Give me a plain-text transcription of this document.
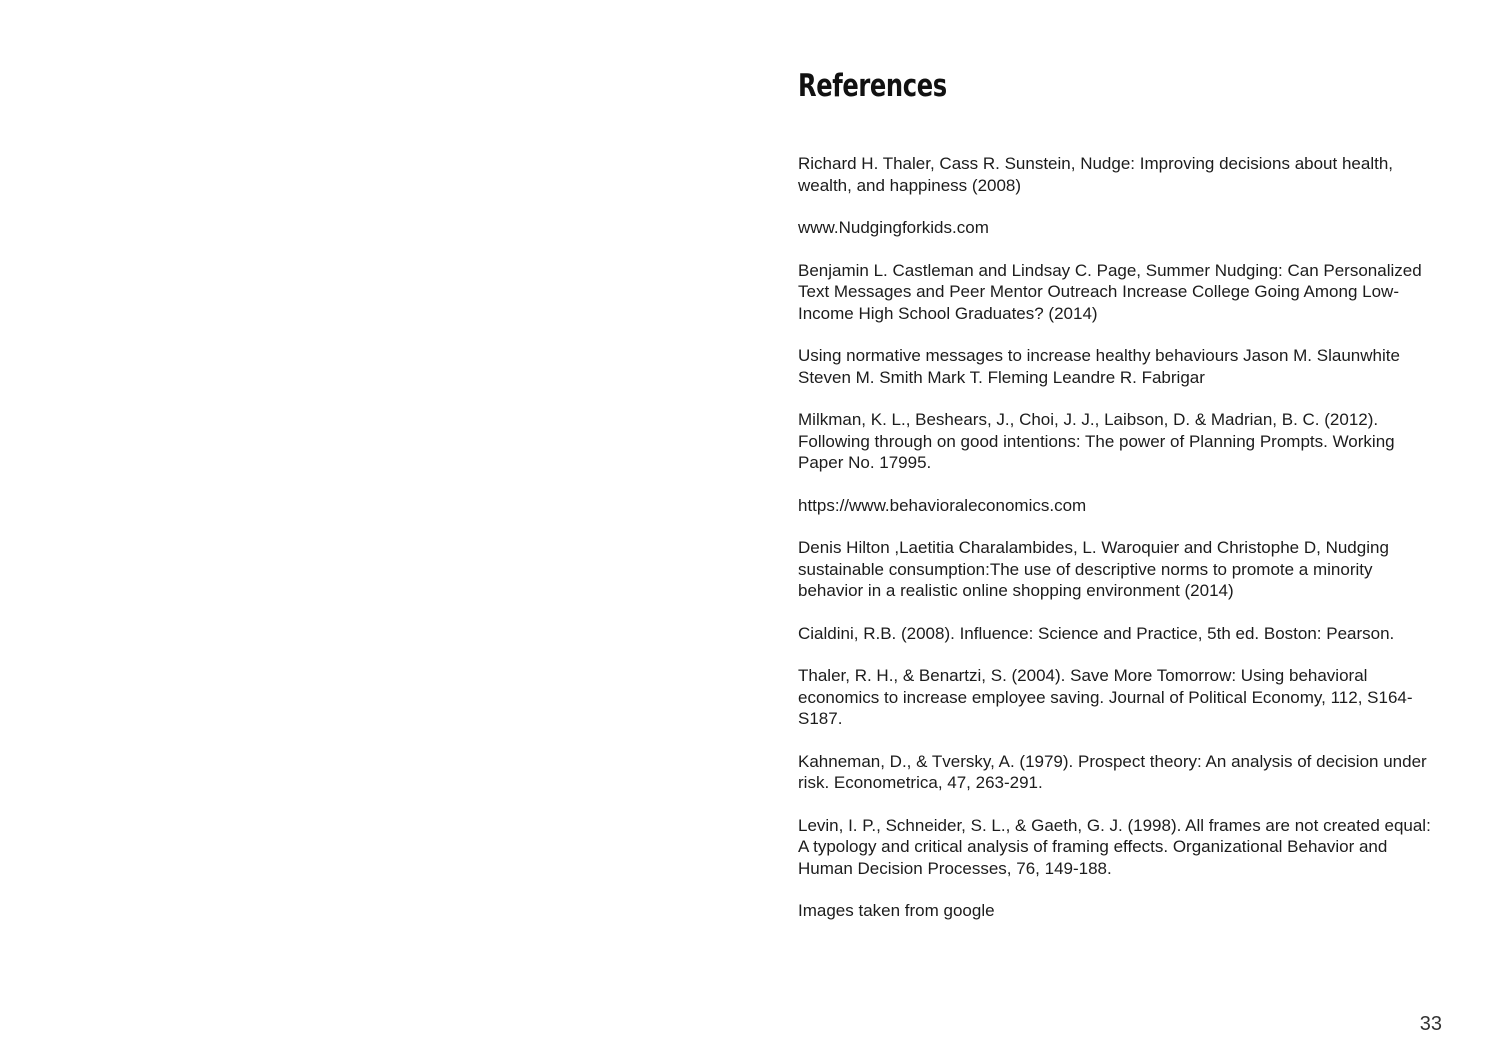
References
Richard H. Thaler, Cass R. Sunstein, Nudge: Improving decisions about health, wealth, and happiness (2008)
www.Nudgingforkids.com
Benjamin L. Castleman and Lindsay C. Page, Summer Nudging: Can Personalized Text Messages and Peer Mentor Outreach Increase College Going Among Low-Income High School Graduates? (2014)
Using normative messages to increase healthy behaviours Jason M. Slaunwhite Steven M. Smith Mark T. Fleming Leandre R. Fabrigar
Milkman, K. L., Beshears, J., Choi, J. J., Laibson, D. & Madrian, B. C. (2012). Following through on good intentions: The power of Planning Prompts. Working Paper No. 17995.
https://www.behavioraleconomics.com
Denis Hilton ,Laetitia Charalambides, L. Waroquier and Christophe D, Nudging sustainable consumption:The use of descriptive norms to promote a minority behavior in a realistic online shopping environment (2014)
Cialdini, R.B. (2008). Influence: Science and Practice, 5th ed. Boston: Pearson.
Thaler, R. H., & Benartzi, S. (2004). Save More Tomorrow: Using behavioral economics to increase employee saving. Journal of Political Economy, 112, S164-S187.
Kahneman, D., & Tversky, A. (1979). Prospect theory: An analysis of decision under risk. Econometrica, 47, 263-291.
Levin, I. P., Schneider, S. L., & Gaeth, G. J. (1998). All frames are not created equal: A typology and critical analysis of framing effects. Organizational Behavior and Human Decision Processes, 76, 149-188.
Images taken from google
33
